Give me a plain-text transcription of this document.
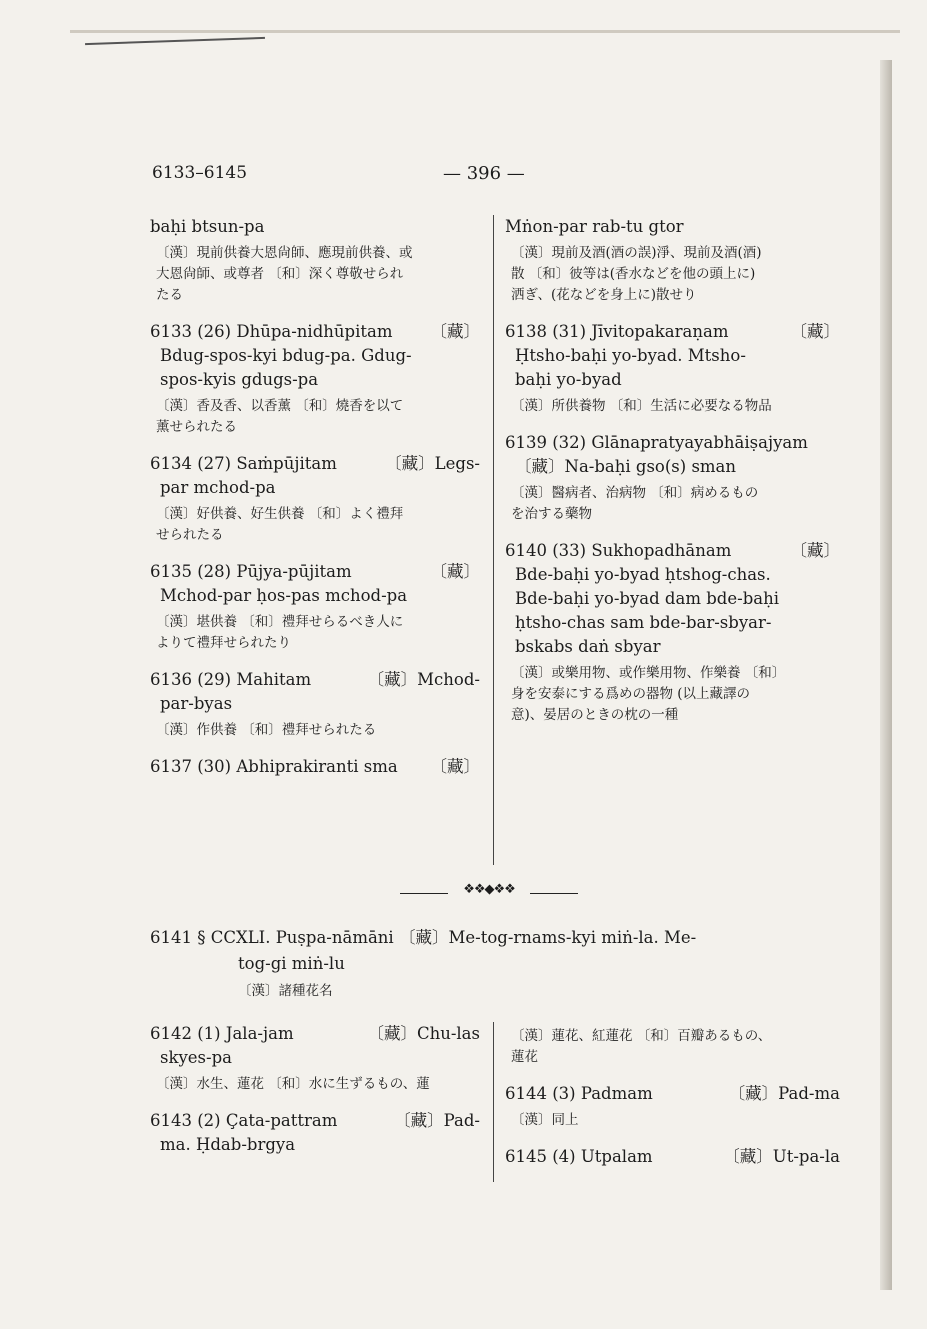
6133–6145	— 396 —
baḥi btsun-pa
〔漢〕現前供養大恩尙師、應現前供養、或
大恩尙師、或尊者 〔和〕深く尊敬せられ
たる
6133 (26) Dhūpa-nidhūpitam 〔藏〕
Bdug-spos-kyi bdug-pa. Gdug-
spos-kyis gdugs-pa
〔漢〕香及香、以香薰 〔和〕燒香を以て
薰せられたる
6134 (27) Saṁpūjitam	〔藏〕Legs-
par mchod-pa
〔漢〕好供養、好生供養 〔和〕よく禮拜
せられたる
6135 (28) Pūjya-pūjitam	〔藏〕
Mchod-par ḥos-pas mchod-pa
〔漢〕堪供養 〔和〕禮拜せらるべき人に
よりて禮拜せられたり
6136 (29) Mahitam	〔藏〕Mchod-
par-byas
〔漢〕作供養 〔和〕禮拜せられたる
6137 (30) Abhiprakiranti sma 〔藏〕
Mṅon-par rab-tu gtor
〔漢〕現前及酒(酒の誤)淨、現前及酒(酒)
散 〔和〕彼等は(香水などを他の頭上に)
洒ぎ、(花などを身上に)散せり
6138 (31) Jīvitopakaraṇam	〔藏〕
Ḥtsho-baḥi yo-byad. Mtsho-
baḥi yo-byad
〔漢〕所供養物 〔和〕生活に必要なる物品
6139 (32) Glānapratyayabhāiṣajyam
〔藏〕Na-baḥi gso(s) sman
〔漢〕醫病者、治病物 〔和〕病めるもの
を治する藥物
6140 (33) Sukhopadhānam	〔藏〕
Bde-baḥi yo-byad ḥtshog-chas.
Bde-baḥi yo-byad dam bde-baḥi
ḥtsho-chas sam bde-bar-sbyar-
bskabs daṅ sbyar
〔漢〕或樂用物、或作樂用物、作樂養 〔和〕
身を安泰にする爲めの器物 (以上藏譯の
意)、晏居のときの枕の一種
❖❖◆❖❖
6141 § CCXLI. Puṣpa-nāmāni 〔藏〕Me-tog-rnams-kyi miṅ-la. Me-
tog-gi miṅ-lu
〔漢〕諸種花名
6142 (1) Jala-jam	〔藏〕Chu-las
skyes-pa
〔漢〕水生、蓮花 〔和〕水に生ずるもの、蓮
6143 (2) Çata-pattram	〔藏〕Pad-
ma. Ḥdab-brgya
〔漢〕蓮花、紅蓮花 〔和〕百瓣あるもの、
蓮花
6144 (3) Padmam	〔藏〕Pad-ma
〔漢〕同上
6145 (4) Utpalam	〔藏〕Ut-pa-la
